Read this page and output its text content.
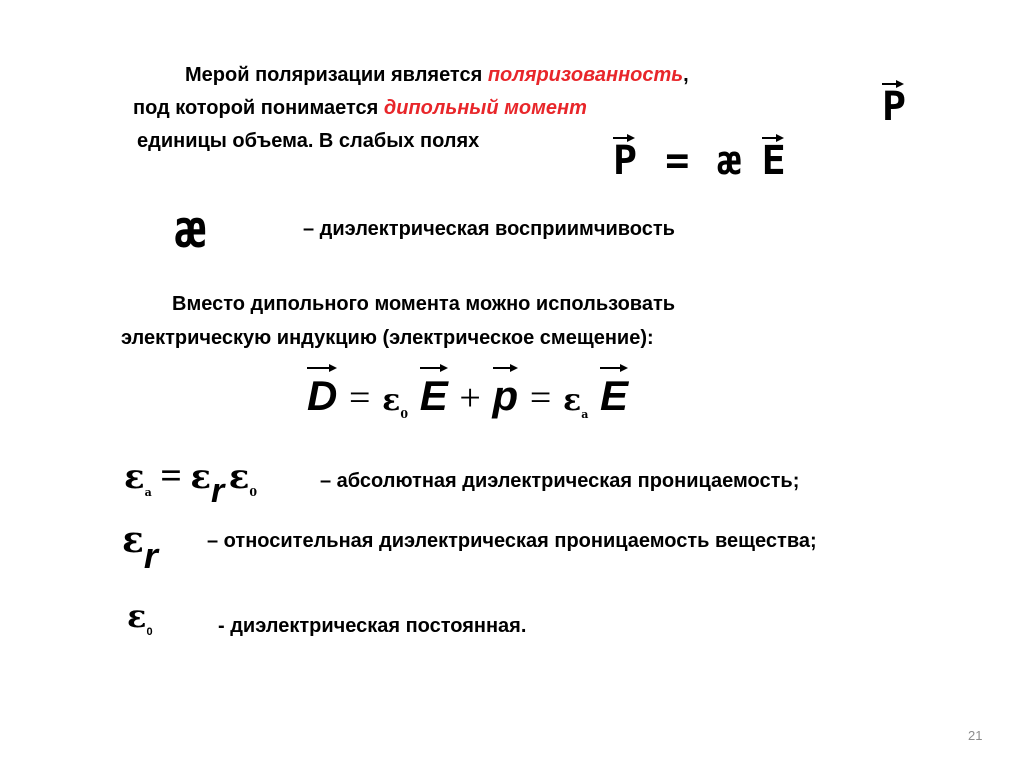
Мерой поляризации является поляризованность,
под которой понимается дипольный момент
единицы объема. В слабых полях
P
P = æ E
æ	– диэлектрическая восприимчивость
Вместо дипольного момента можно использовать
электрическую индукцию (электрическое смещение):
$D = \varepsilon_0$ $E + p = \varepsilon_a$ E
$\varepsilon_a = \varepsilon r$ $\varepsilon_0$
– абсолютная диэлектрическая проницаемость;
εr – относительная диэлектрическая проницаемость вещества;
$\varepsilon_0$	- диэлектрическая постоянная.
21
